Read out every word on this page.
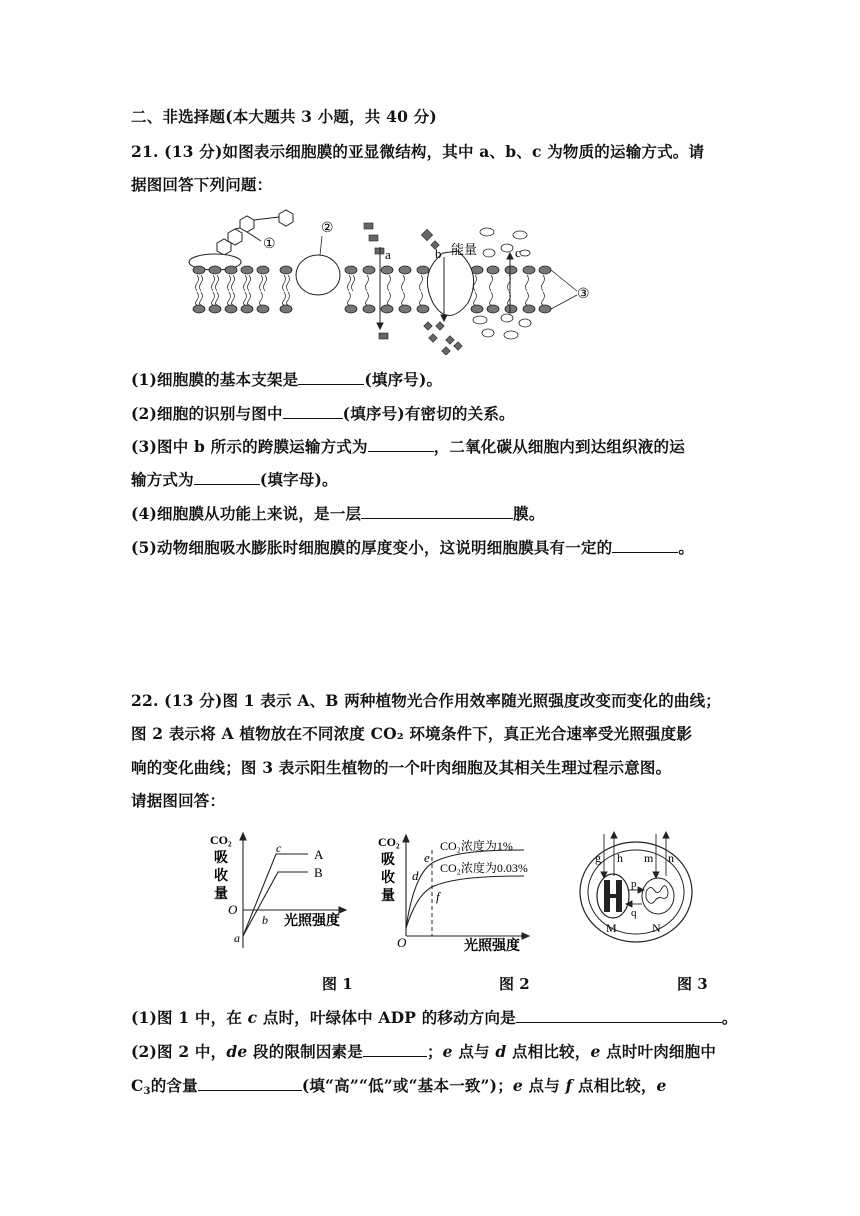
二、非选择题(本大题共 3 小题，共 40 分)
21. (13 分)如图表示细胞膜的亚显微结构，其中 a、b、c 为物质的运输方式。请
据图回答下列问题：
①
②
a	b 能量	c
③
(1)细胞膜的基本支架是	(填序号)。
(2)细胞的识别与图中	(填序号)有密切的关系。
(3)图中 b 所示的跨膜运输方式为	，二氧化碳从细胞内到达组织液的运
输方式为	(填字母)。
(4)细胞膜从功能上来说，是一层	膜。
(5)动物细胞吸水膨胀时细胞膜的厚度变小，这说明细胞膜具有一定的	。
22. (13 分)图 1 表示 A、B 两种植物光合作用效率随光照强度改变而变化的曲线；
图 2 表示将 A 植物放在不同浓度 CO₂ 环境条件下，真正光合速率受光照强度影
响的变化曲线；图 3 表示阳生植物的一个叶肉细胞及其相关生理过程示意图。
请据图回答：
CO₂
吸
收
量
O
a
b
c	A
B
光照强度
CO₂
吸
收
量
O
d
e
f
CO₂浓度为1%
CO₂浓度为0.03%
光照强度
g h m n
p
q
M	N
图 1	图 2	图 3
(1)图 1 中，在 c 点时，叶绿体中 ADP 的移动方向是	。
(2)图 2 中，de 段的限制因素是	；e 点与 d 点相比较，e 点时叶肉细胞中
C3的含量	(填“高”“低”或“基本一致”)；e 点与 f 点相比较，e
